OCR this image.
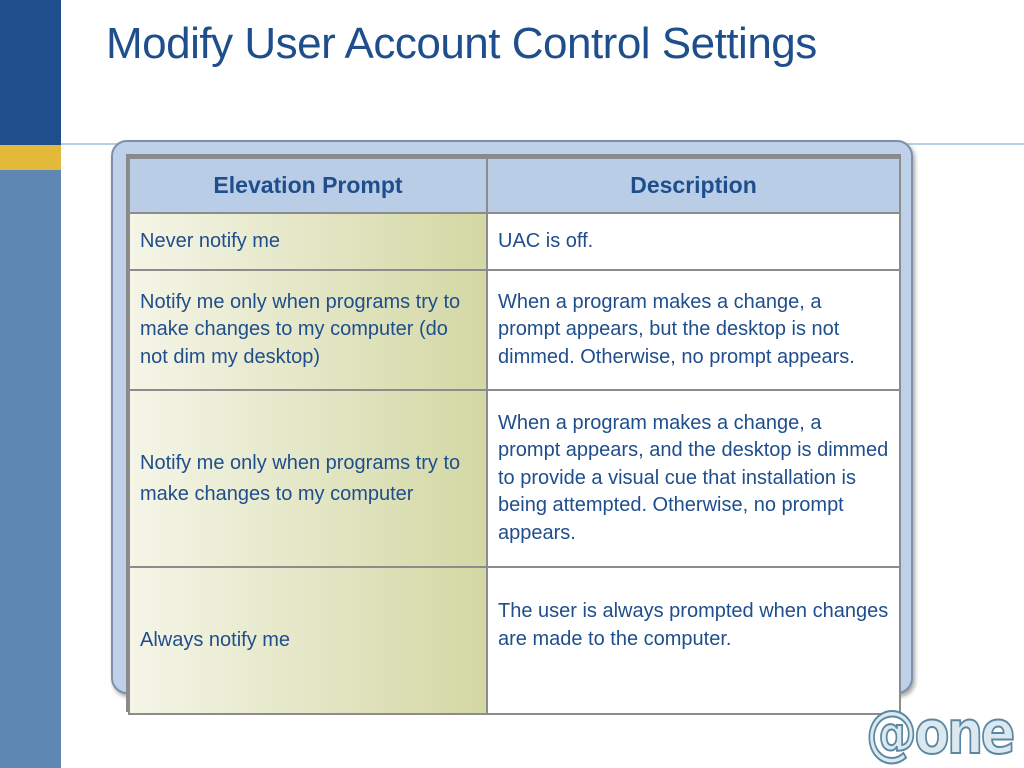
Modify User Account Control Settings
Elevation Prompt	Description
Never notify me	UAC is off.
Notify me only when programs try to make changes to my computer (do not dim my desktop)	When a program makes a change, a prompt appears, but the desktop is not dimmed. Otherwise, no prompt appears.
Notify me only when programs try to make changes to my computer	When a program makes a change, a prompt appears, and the desktop is dimmed to provide a visual cue that installation is being attempted. Otherwise, no prompt appears.
Always notify me	The user is always prompted when changes are made to the computer.
@one
